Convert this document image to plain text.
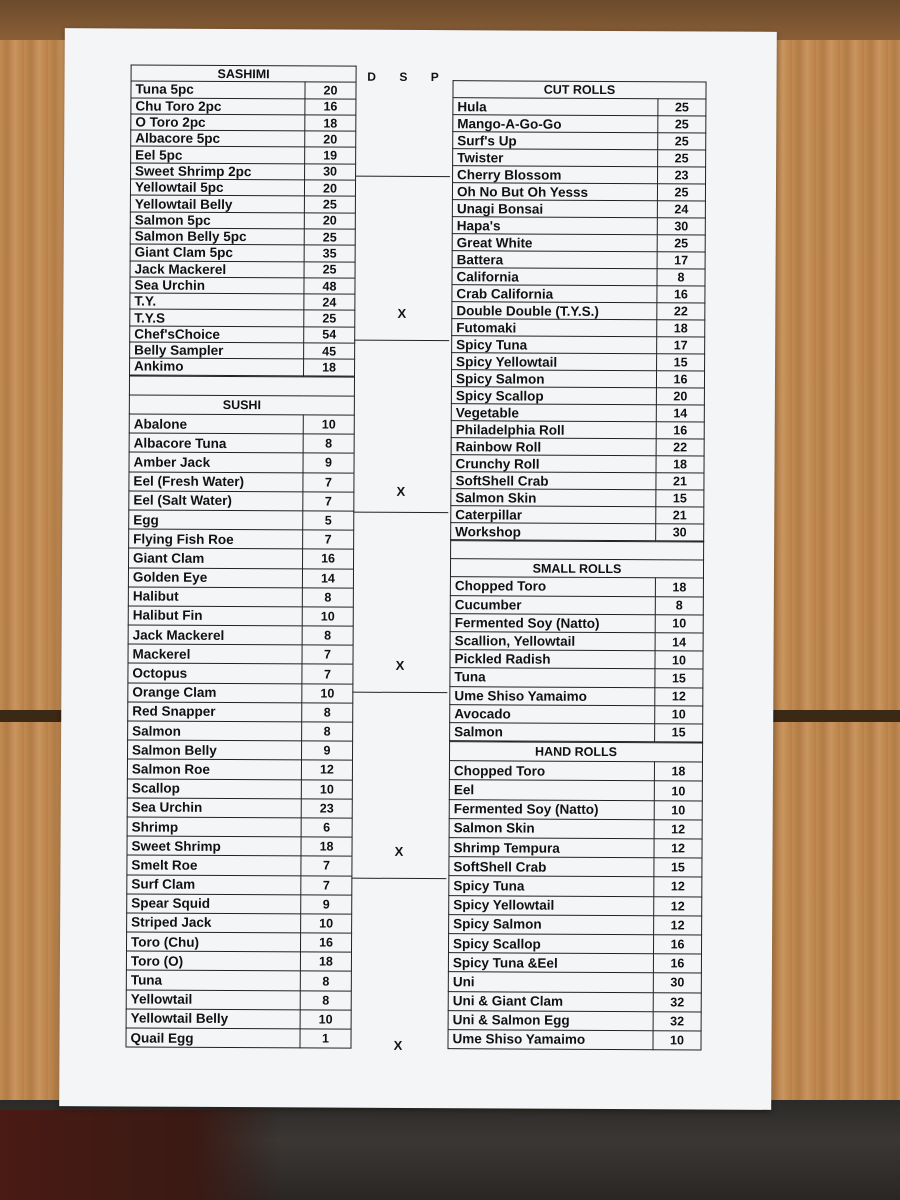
SASHIMI	
Tuna 5pc	20
Chu Toro 2pc	16
O Toro 2pc	18
Albacore 5pc	20
Eel 5pc	19
Sweet Shrimp 2pc	30
Yellowtail 5pc	20
Yellowtail Belly	25
Salmon 5pc	20
Salmon Belly 5pc	25
Giant Clam 5pc	35
Jack Mackerel	25
Sea Urchin	48
T.Y.	24
T.Y.S	25
Chef'sChoice	54
Belly Sampler	45
Ankimo	18

SUSHI	
Abalone	10
Albacore Tuna	8
Amber Jack	9
Eel (Fresh Water)	7
Eel (Salt Water)	7
Egg	5
Flying Fish Roe	7
Giant Clam	16
Golden Eye	14
Halibut	8
Halibut Fin	10
Jack Mackerel	8
Mackerel	7
Octopus	7
Orange Clam	10
Red Snapper	8
Salmon	8
Salmon Belly	9
Salmon Roe	12
Scallop	10
Sea Urchin	23
Shrimp	6
Sweet Shrimp	18
Smelt Roe	7
Surf Clam	7
Spear Squid	9
Striped Jack	10
Toro (Chu)	16
Toro (O)	18
Tuna	8
Yellowtail	8
Yellowtail Belly	10
Quail Egg	1
D S P
X
X
X
X
X
CUT ROLLS	
Hula	25
Mango-A-Go-Go	25
Surf's Up	25
Twister	25
Cherry Blossom	23
Oh No But Oh Yesss	25
Unagi Bonsai	24
Hapa's	30
Great White	25
Battera	17
California	8
Crab California	16
Double Double (T.Y.S.)	22
Futomaki	18
Spicy Tuna	17
Spicy Yellowtail	15
Spicy Salmon	16
Spicy Scallop	20
Vegetable	14
Philadelphia Roll	16
Rainbow Roll	22
Crunchy Roll	18
SoftShell Crab	21
Salmon Skin	15
Caterpillar	21
Workshop	30

SMALL ROLLS	
Chopped Toro	18
Cucumber	8
Fermented Soy (Natto)	10
Scallion, Yellowtail	14
Pickled Radish	10
Tuna	15
Ume Shiso Yamaimo	12
Avocado	10
Salmon	15
HAND ROLLS	
Chopped Toro	18
Eel	10
Fermented Soy (Natto)	10
Salmon Skin	12
Shrimp Tempura	12
SoftShell Crab	15
Spicy Tuna	12
Spicy Yellowtail	12
Spicy Salmon	12
Spicy Scallop	16
Spicy Tuna &Eel	16
Uni	30
Uni & Giant Clam	32
Uni & Salmon Egg	32
Ume Shiso Yamaimo	10
